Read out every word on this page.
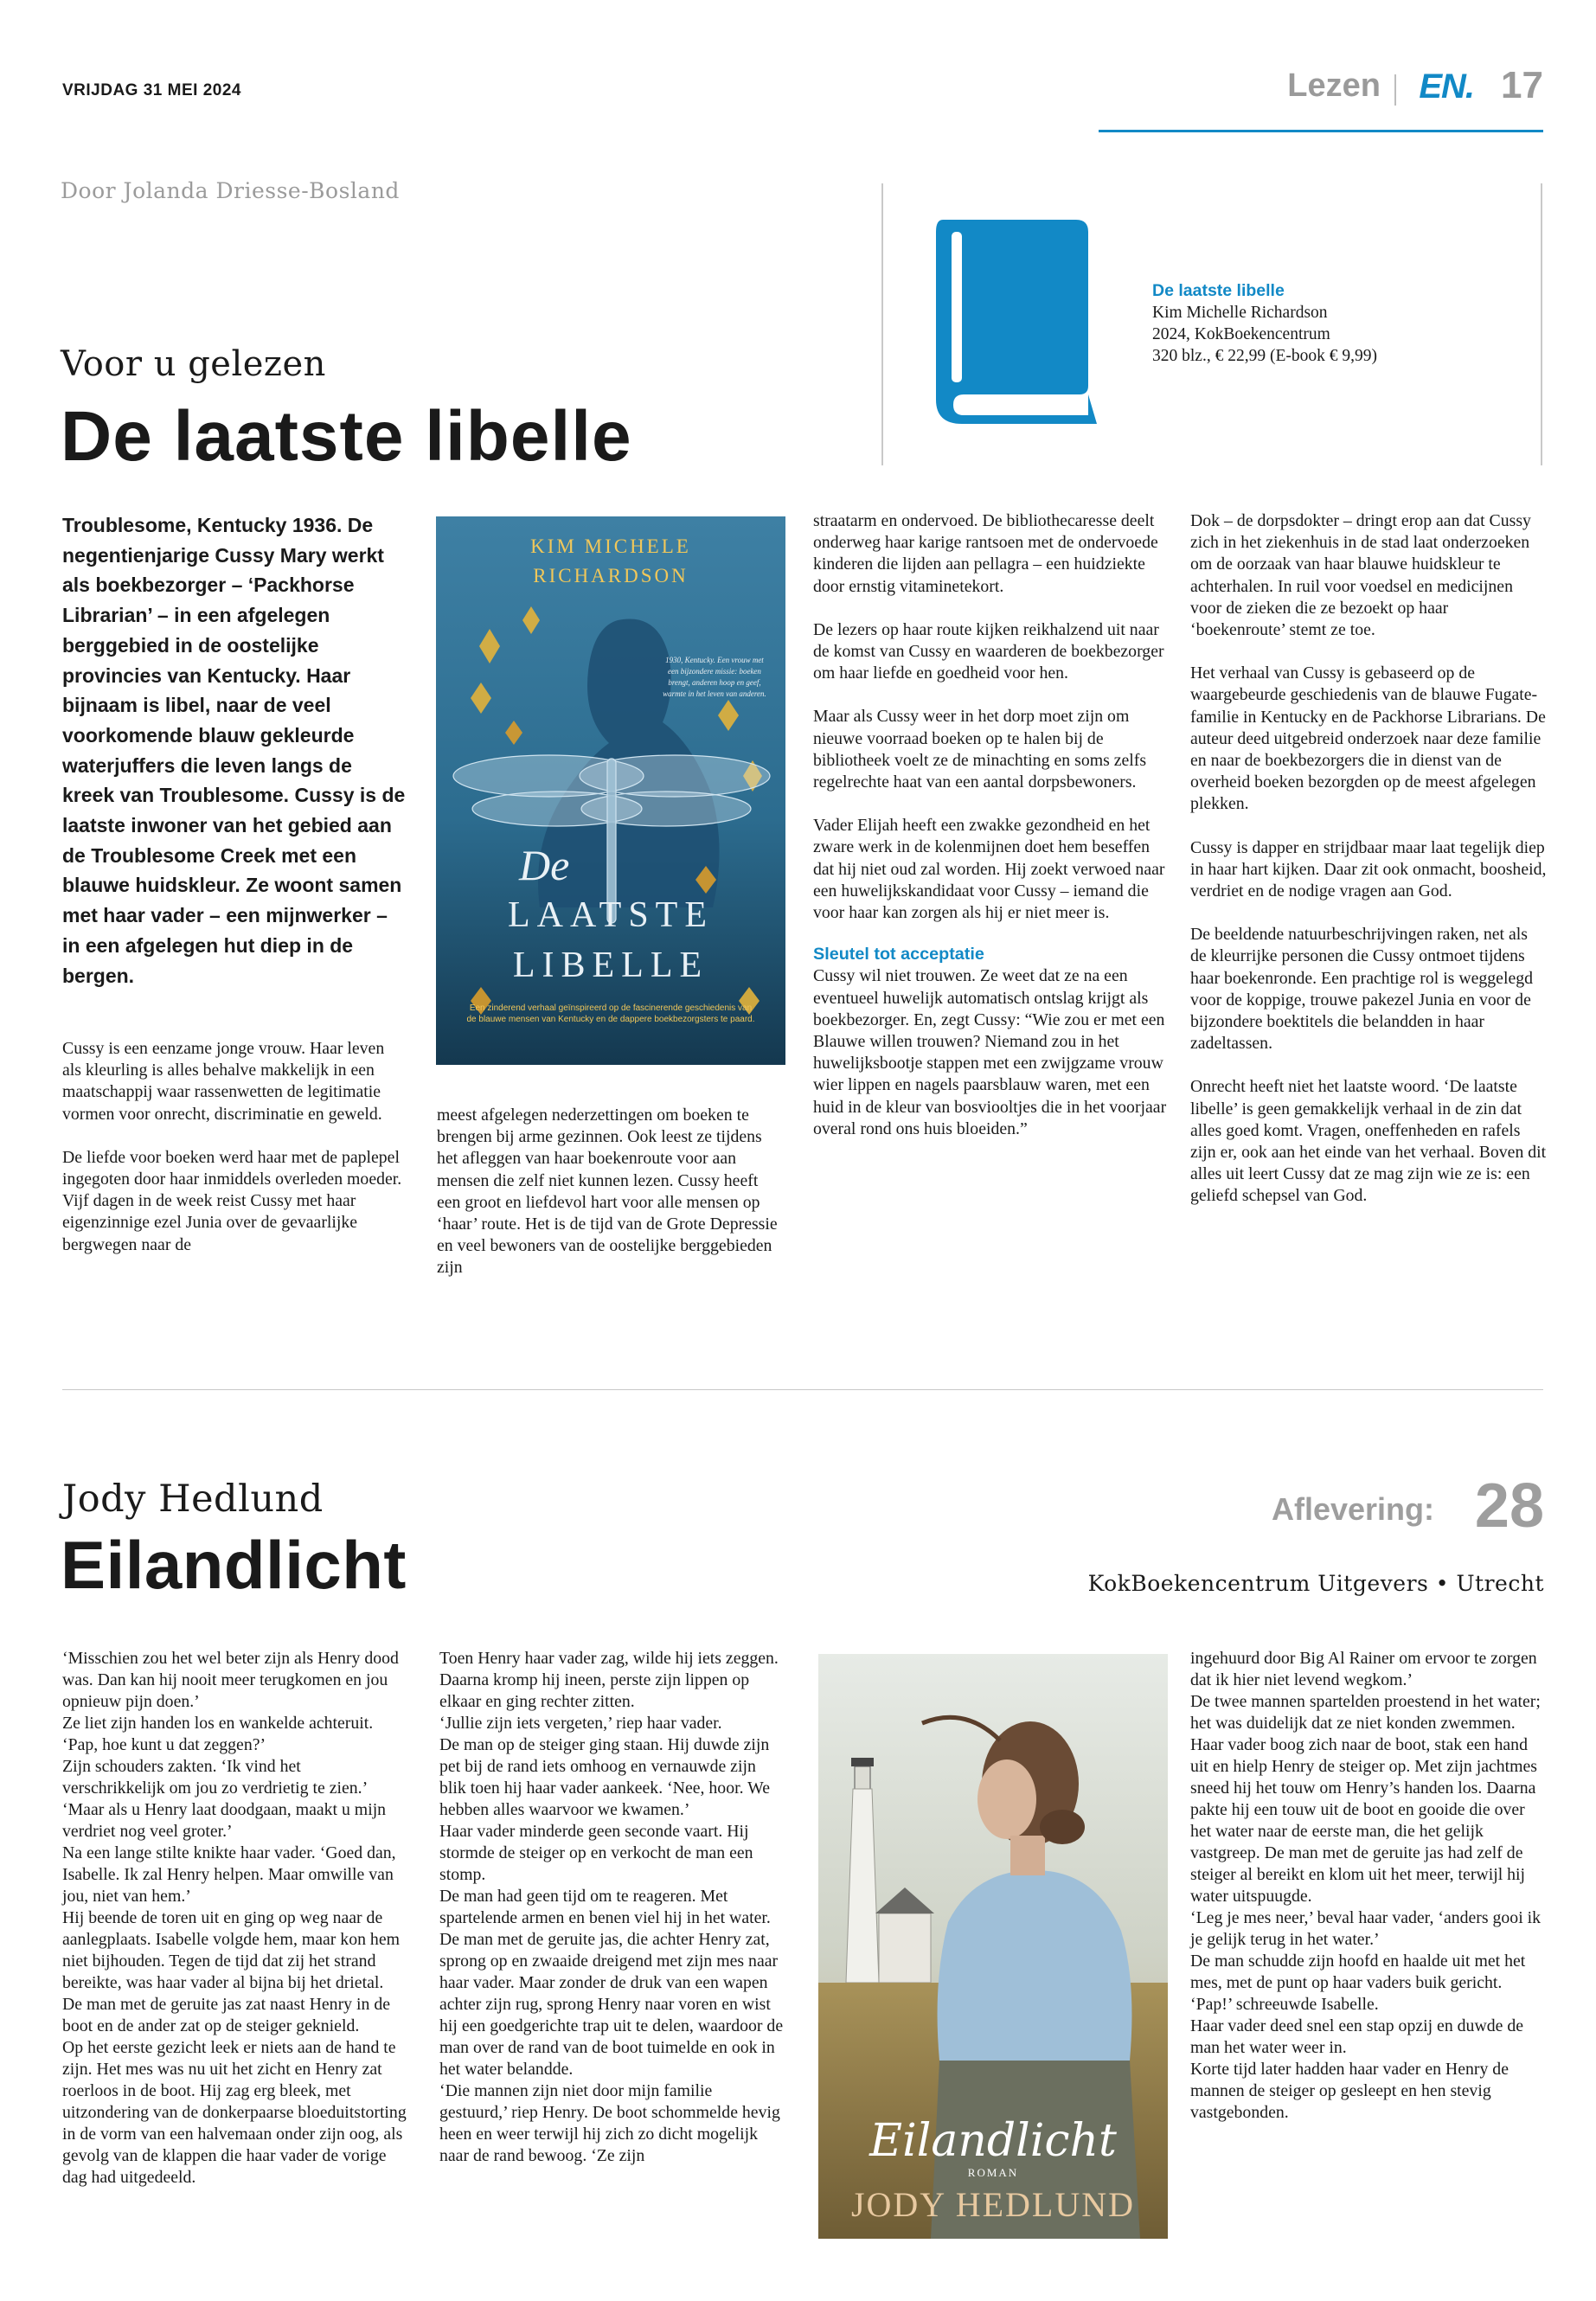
VRIJDAG 31 MEI 2024	Lezen EN. 17
Door Jolanda Driesse-Bosland
De laatste libelle
Kim Michelle Richardson
2024, KokBoekencentrum
320 blz., € 22,99 (E-book € 9,99)
Voor u gelezen
De laatste libelle
Troublesome, Kentucky 1936. De negentienjarige Cussy Mary werkt als boekbezorger – ‘Packhorse Librarian’ – in een afgelegen berggebied in de oostelijke provincies van Kentucky. Haar bijnaam is libel, naar de veel voorkomende blauw gekleurde waterjuffers die leven langs de kreek van Troublesome. Cussy is de laatste inwoner van het gebied aan de Troublesome Creek met een blauwe huidskleur. Ze woont samen met haar vader – een mijnwerker – in een afgelegen hut diep in de bergen.

Cussy is een eenzame jonge vrouw. Haar leven als kleurling is alles behalve makkelijk in een maatschappij waar rassenwetten de legitimatie vormen voor onrecht, discriminatie en geweld.

De liefde voor boeken werd haar met de paplepel ingegoten door haar inmiddels overleden moeder. Vijf dagen in de week reist Cussy met haar eigenzinnige ezel Junia over de gevaarlijke bergwegen naar de

KIM MICHELE
RICHARDSON
1930, Kentucky. Een vrouw met een bijzondere missie: boeken brengt, anderen hoop en geef, warmte in het leven van anderen.
De
LAATSTE
LIBELLE
Een zinderend verhaal geïnspireerd op de fascinerende geschiedenis van de blauwe mensen van Kentucky en de dappere boekbezorgsters te paard.

meest afgelegen nederzettingen om boeken te brengen bij arme gezinnen. Ook leest ze tijdens het afleggen van haar boekenroute voor aan mensen die zelf niet kunnen lezen. Cussy heeft een groot en liefdevol hart voor alle mensen op ‘haar’ route. Het is de tijd van de Grote Depressie en veel bewoners van de oostelijke berggebieden zijn

straatarm en ondervoed. De bibliothecaresse deelt onderweg haar karige rantsoen met de ondervoede kinderen die lijden aan pellagra – een huidziekte door ernstig vitaminetekort.

De lezers op haar route kijken reikhalzend uit naar de komst van Cussy en waarderen de boekbezorger om haar liefde en goedheid voor hen.

Maar als Cussy weer in het dorp moet zijn om nieuwe voorraad boeken op te halen bij de bibliotheek voelt ze de minachting en soms zelfs regelrechte haat van een aantal dorpsbewoners.

Vader Elijah heeft een zwakke gezondheid en het zware werk in de kolenmijnen doet hem beseffen dat hij niet oud zal worden. Hij zoekt verwoed naar een huwelijkskandidaat voor Cussy – iemand die voor haar kan zorgen als hij er niet meer is.

Sleutel tot acceptatie
Cussy wil niet trouwen. Ze weet dat ze na een eventueel huwelijk automatisch ontslag krijgt als boekbezorger. En, zegt Cussy: “Wie zou er met een Blauwe willen trouwen? Niemand zou in het huwelijksbootje stappen met een zwijgzame vrouw wier lippen en nagels paarsblauw waren, met een huid in de kleur van bosviooltjes die in het voorjaar overal rond ons huis bloeiden.”

Dok – de dorpsdokter – dringt erop aan dat Cussy zich in het ziekenhuis in de stad laat onderzoeken om de oorzaak van haar blauwe huidskleur te achterhalen. In ruil voor voedsel en medicijnen voor de zieken die ze bezoekt op haar ‘boekenroute’ stemt ze toe.

Het verhaal van Cussy is gebaseerd op de waargebeurde geschiedenis van de blauwe Fugate-familie in Kentucky en de Packhorse Librarians. De auteur deed uitgebreid onderzoek naar deze familie en naar de boekbezorgers die in dienst van de overheid boeken bezorgden op de meest afgelegen plekken.

Cussy is dapper en strijdbaar maar laat tegelijk diep in haar hart kijken. Daar zit ook onmacht, boosheid, verdriet en de nodige vragen aan God.

De beeldende natuurbeschrijvingen raken, net als de kleurrijke personen die Cussy ontmoet tijdens haar boekenronde. Een prachtige rol is weggelegd voor de koppige, trouwe pakezel Junia en voor de bijzondere boektitels die belandden in haar zadeltassen.

Onrecht heeft niet het laatste woord. ‘De laatste libelle’ is geen gemakkelijk verhaal in de zin dat alles goed komt. Vragen, oneffenheden en rafels zijn er, ook aan het einde van het verhaal. Boven dit alles uit leert Cussy dat ze mag zijn wie ze is: een geliefd schepsel van God.

Jody Hedlund
Eilandlicht
Aflevering: 28
KokBoekencentrum Uitgevers • Utrecht
‘Misschien zou het wel beter zijn als Henry dood was. Dan kan hij nooit meer terugkomen en jou opnieuw pijn doen.’
Ze liet zijn handen los en wankelde achteruit. ‘Pap, hoe kunt u dat zeggen?’
Zijn schouders zakten. ‘Ik vind het verschrikkelijk om jou zo verdrietig te zien.’
‘Maar als u Henry laat doodgaan, maakt u mijn verdriet nog veel groter.’
Na een lange stilte knikte haar vader. ‘Goed dan, Isabelle. Ik zal Henry helpen. Maar omwille van jou, niet van hem.’
Hij beende de toren uit en ging op weg naar de aanlegplaats. Isabelle volgde hem, maar kon hem niet bijhouden. Tegen de tijd dat zij het strand bereikte, was haar vader al bijna bij het drietal. De man met de geruite jas zat naast Henry in de boot en de ander zat op de steiger geknield.
Op het eerste gezicht leek er niets aan de hand te zijn. Het mes was nu uit het zicht en Henry zat roerloos in de boot. Hij zag erg bleek, met uitzondering van de donkerpaarse bloeduitstorting in de vorm van een halvemaan onder zijn oog, als gevolg van de klappen die haar vader de vorige dag had uitgedeeld.
Toen Henry haar vader zag, wilde hij iets zeggen. Daarna kromp hij ineen, perste zijn lippen op elkaar en ging rechter zitten.
‘Jullie zijn iets vergeten,’ riep haar vader.
De man op de steiger ging staan. Hij duwde zijn pet bij de rand iets omhoog en vernauwde zijn blik toen hij haar vader aankeek. ‘Nee, hoor. We hebben alles waarvoor we kwamen.’
Haar vader minderde geen seconde vaart. Hij stormde de steiger op en verkocht de man een stomp.
De man had geen tijd om te reageren. Met spartelende armen en benen viel hij in het water.
De man met de geruite jas, die achter Henry zat, sprong op en zwaaide dreigend met zijn mes naar haar vader. Maar zonder de druk van een wapen achter zijn rug, sprong Henry naar voren en wist hij een goedgerichte trap uit te delen, waardoor de man over de rand van de boot tuimelde en ook in het water belandde.
‘Die mannen zijn niet door mijn familie gestuurd,’ riep Henry. De boot schommelde hevig heen en weer terwijl hij zich zo dicht mogelijk naar de rand bewoog. ‘Ze zijn	Eilandlicht
ROMAN
JODY HEDLUND
ingehuurd door Big Al Rainer om ervoor te zorgen dat ik hier niet levend wegkom.’
De twee mannen spartelden proestend in het water; het was duidelijk dat ze niet konden zwemmen.
Haar vader boog zich naar de boot, stak een hand uit en hielp Henry de steiger op. Met zijn jachtmes sneed hij het touw om Henry’s handen los. Daarna pakte hij een touw uit de boot en gooide die over het water naar de eerste man, die het gelijk vastgreep. De man met de geruite jas had zelf de steiger al bereikt en klom uit het meer, terwijl hij water uitspuugde.
‘Leg je mes neer,’ beval haar vader, ‘anders gooi ik je gelijk terug in het water.’
De man schudde zijn hoofd en haalde uit met het mes, met de punt op haar vaders buik gericht.
‘Pap!’ schreeuwde Isabelle.
Haar vader deed snel een stap opzij en duwde de man het water weer in.
Korte tijd later hadden haar vader en Henry de mannen de steiger op gesleept en hen stevig vastgebonden.
